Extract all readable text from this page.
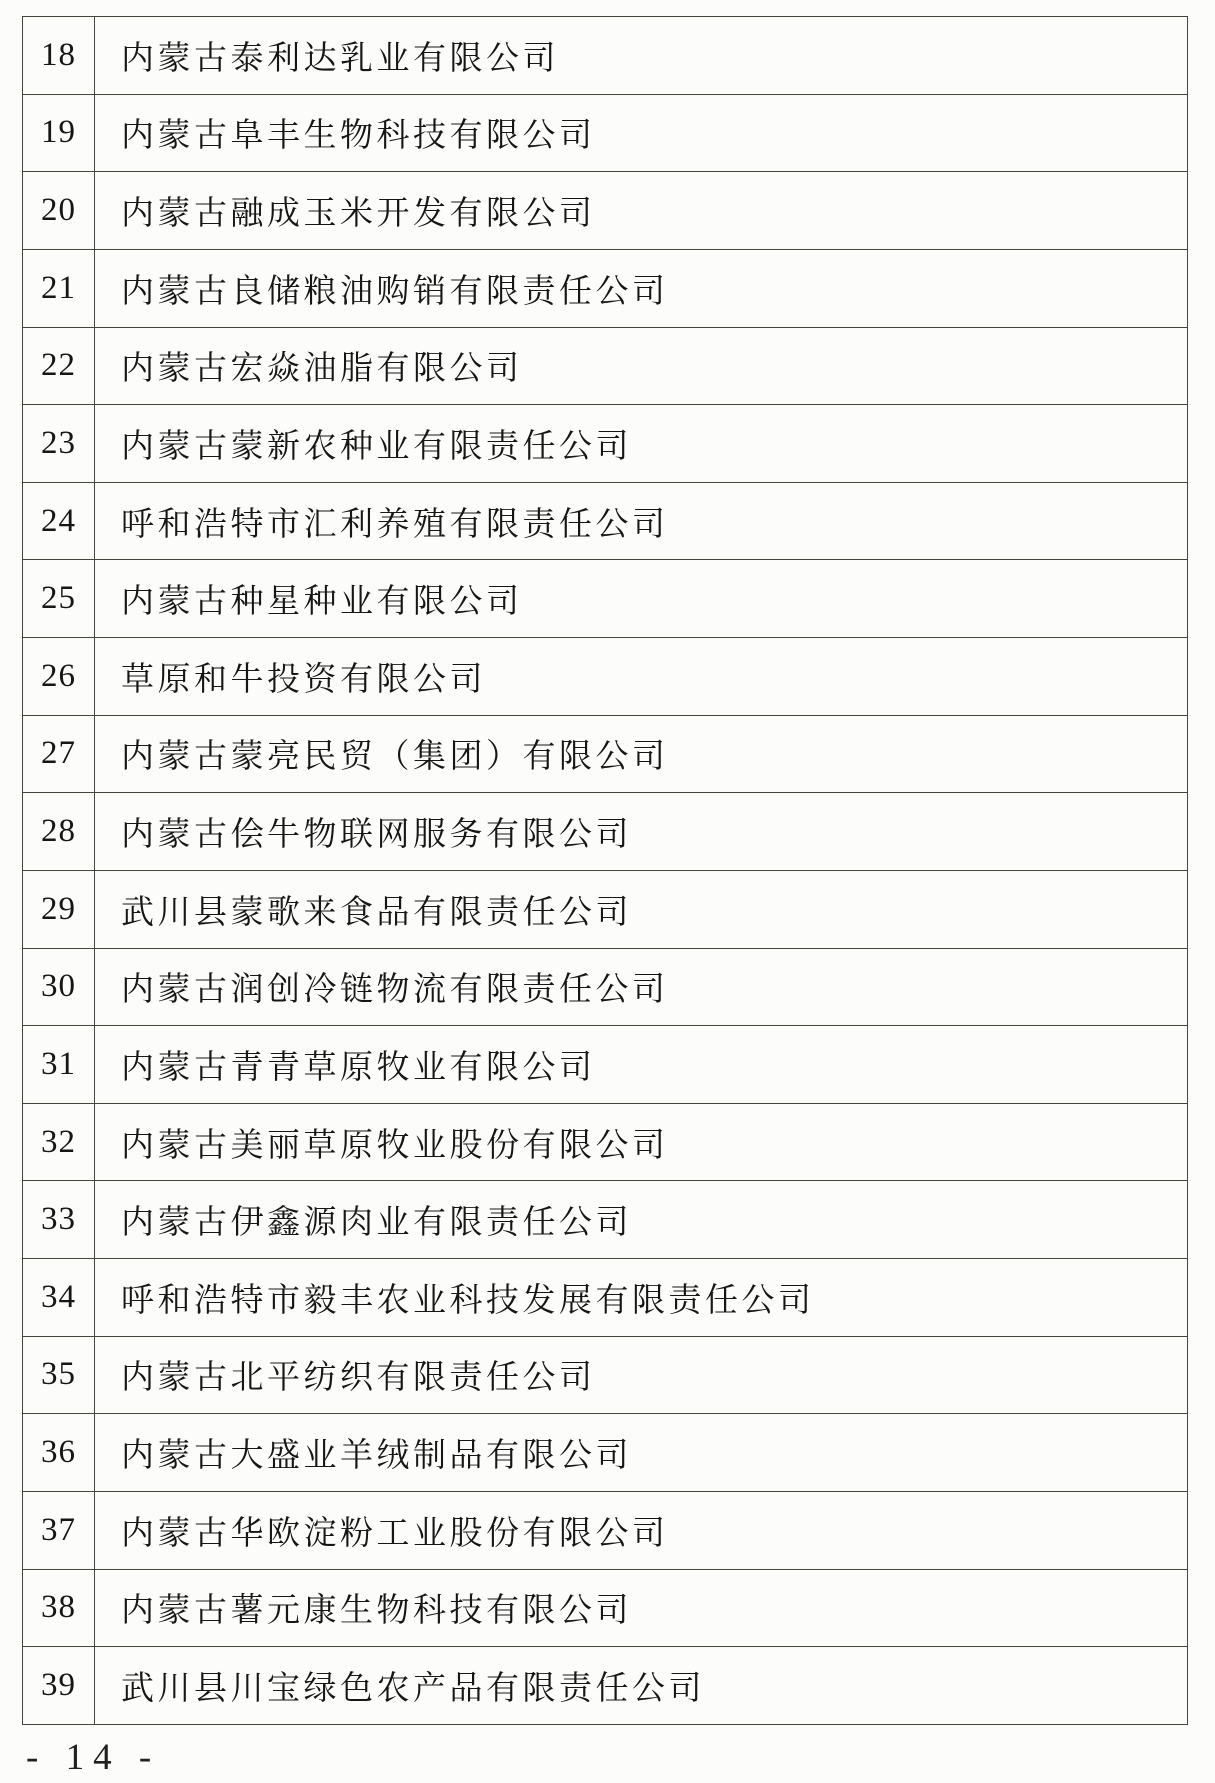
18	内蒙古泰利达乳业有限公司
19	内蒙古阜丰生物科技有限公司
20	内蒙古融成玉米开发有限公司
21	内蒙古良储粮油购销有限责任公司
22	内蒙古宏焱油脂有限公司
23	内蒙古蒙新农种业有限责任公司
24	呼和浩特市汇利养殖有限责任公司
25	内蒙古种星种业有限公司
26	草原和牛投资有限公司
27	内蒙古蒙亮民贸（集团）有限公司
28	内蒙古侩牛物联网服务有限公司
29	武川县蒙歌来食品有限责任公司
30	内蒙古润创冷链物流有限责任公司
31	内蒙古青青草原牧业有限公司
32	内蒙古美丽草原牧业股份有限公司
33	内蒙古伊鑫源肉业有限责任公司
34	呼和浩特市毅丰农业科技发展有限责任公司
35	内蒙古北平纺织有限责任公司
36	内蒙古大盛业羊绒制品有限公司
37	内蒙古华欧淀粉工业股份有限公司
38	内蒙古薯元康生物科技有限公司
39	武川县川宝绿色农产品有限责任公司
- 14 -
